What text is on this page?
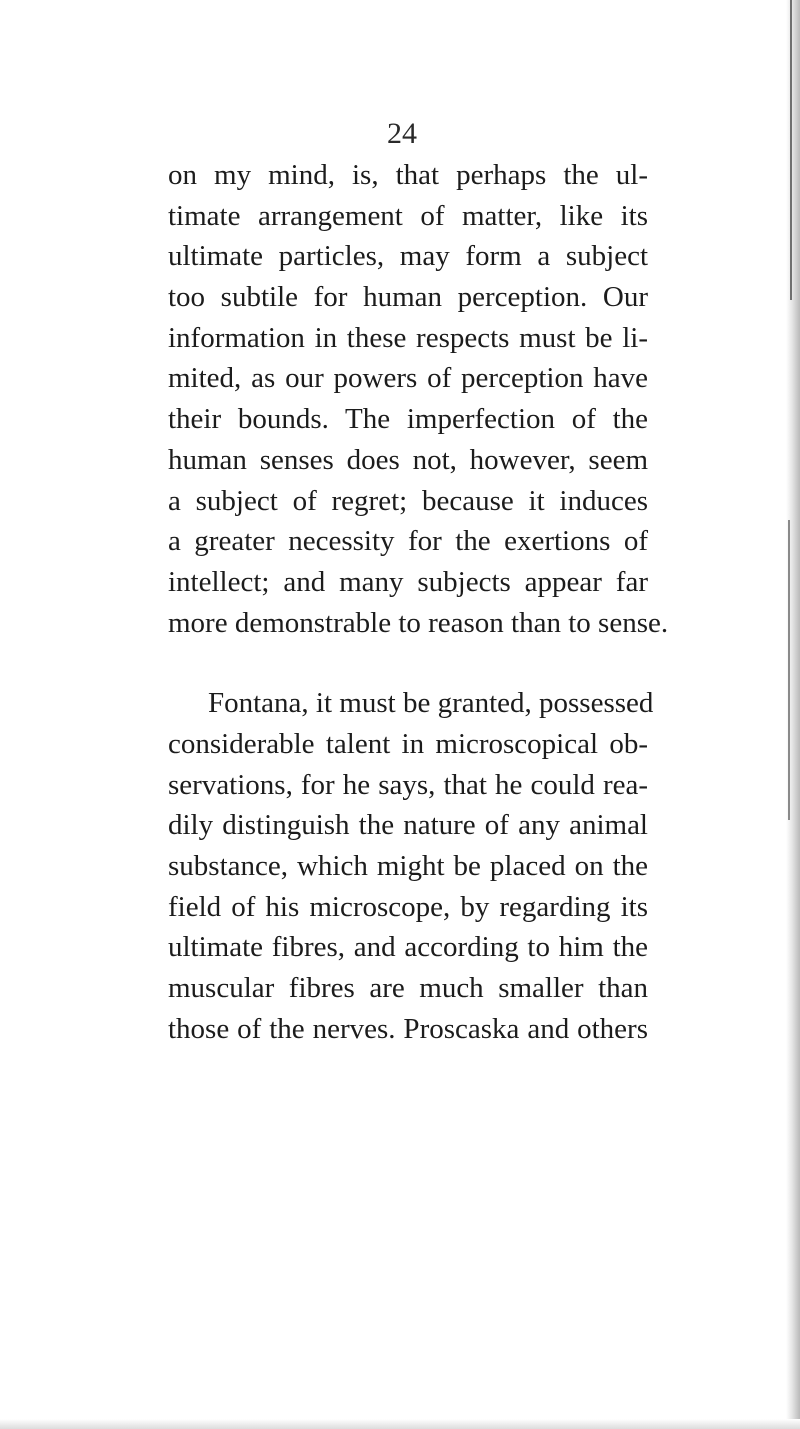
24
on my mind, is, that perhaps the ul-
timate arrangement of matter, like its
ultimate particles, may form a subject
too subtile for human perception. Our
information in these respects must be li-
mited, as our powers of perception have
their bounds. The imperfection of the
human senses does not, however, seem
a subject of regret; because it induces
a greater necessity for the exertions of
intellect; and many subjects appear far
more demonstrable to reason than to sense.
Fontana, it must be granted, possessed
considerable talent in microscopical ob-
servations, for he says, that he could rea-
dily distinguish the nature of any animal
substance, which might be placed on the
field of his microscope, by regarding its
ultimate fibres, and according to him the
muscular fibres are much smaller than
those of the nerves. Proscaska and others
